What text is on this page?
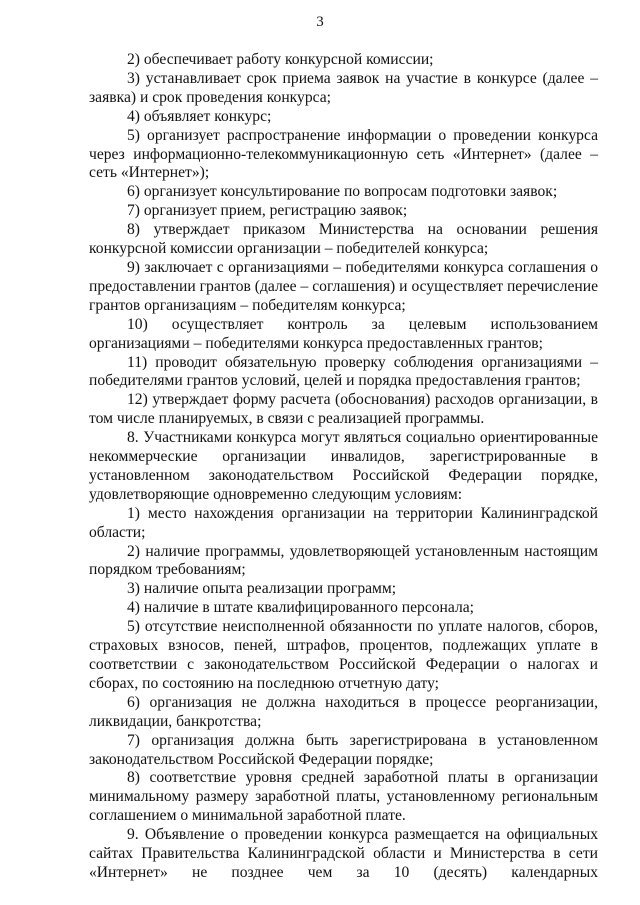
3

2) обеспечивает работу конкурсной комиссии;

3) устанавливает срок приема заявок на участие в конкурсе (далее – заявка) и срок проведения конкурса;

4) объявляет конкурс;

5) организует распространение информации о проведении конкурса через информационно-телекоммуникационную сеть «Интернет» (далее – сеть «Интернет»);

6) организует консультирование по вопросам подготовки заявок;

7) организует прием, регистрацию заявок;

8) утверждает приказом Министерства на основании решения конкурсной комиссии организации – победителей конкурса;

9) заключает с организациями – победителями конкурса соглашения о предоставлении грантов (далее – соглашения) и осуществляет перечисление грантов организациям – победителям конкурса;

10) осуществляет контроль за целевым использованием организациями – победителями конкурса предоставленных грантов;

11) проводит обязательную проверку соблюдения организациями – победителями грантов условий, целей и порядка предоставления грантов;

12) утверждает форму расчета (обоснования) расходов организации, в том числе планируемых, в связи с реализацией программы.

8. Участниками конкурса могут являться социально ориентированные некоммерческие организации инвалидов, зарегистрированные в установленном законодательством Российской Федерации порядке, удовлетворяющие одновременно следующим условиям:

1) место нахождения организации на территории Калининградской области;

2) наличие программы, удовлетворяющей установленным настоящим порядком требованиям;

3) наличие опыта реализации программ;

4) наличие в штате квалифицированного персонала;

5) отсутствие неисполненной обязанности по уплате налогов, сборов, страховых взносов, пеней, штрафов, процентов, подлежащих уплате в соответствии с законодательством Российской Федерации о налогах и сборах, по состоянию на последнюю отчетную дату;

6) организация не должна находиться в процессе реорганизации, ликвидации, банкротства;

7) организация должна быть зарегистрирована в установленном законодательством Российской Федерации порядке;

8) соответствие уровня средней заработной платы в организации минимальному размеру заработной платы, установленному региональным соглашением о минимальной заработной плате.

9. Объявление о проведении конкурса размещается на официальных сайтах Правительства Калининградской области и Министерства в сети «Интернет» не позднее чем за 10 (десять) календарных
